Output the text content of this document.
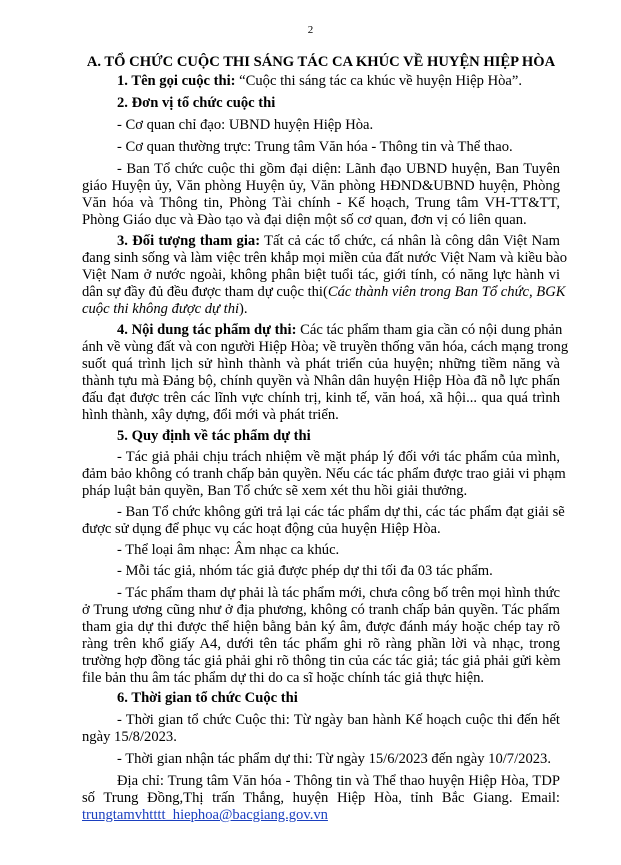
2
A. TỔ CHỨC CUỘC THI SÁNG TÁC CA KHÚC VỀ HUYỆN HIỆP HÒA
1. Tên gọi cuộc thi: “Cuộc thi sáng tác ca khúc về huyện Hiệp Hòa”.
2. Đơn vị tổ chức cuộc thi
- Cơ quan chỉ đạo: UBND huyện Hiệp Hòa.
- Cơ quan thường trực: Trung tâm Văn hóa - Thông tin và Thể thao.
- Ban Tổ chức cuộc thi gồm đại diện: Lãnh đạo UBND huyện, Ban Tuyên
giáo Huyện ủy, Văn phòng Huyện ủy, Văn phòng HĐND&UBND huyện, Phòng
Văn hóa và Thông tin, Phòng Tài chính - Kế hoạch, Trung tâm VH-TT&TT,
Phòng Giáo dục và Đào tạo và đại diện một số cơ quan, đơn vị có liên quan.
3. Đối tượng tham gia: Tất cả các tổ chức, cá nhân là công dân Việt Nam
đang sinh sống và làm việc trên khắp mọi miền của đất nước Việt Nam và kiều bào
Việt Nam ở nước ngoài, không phân biệt tuổi tác, giới tính, có năng lực hành vi
dân sự đầy đủ đều được tham dự cuộc thi(Các thành viên trong Ban Tổ chức, BGK
cuộc thi không được dự thi).
4. Nội dung tác phẩm dự thi: Các tác phẩm tham gia cần có nội dung phản
ánh về vùng đất và con người Hiệp Hòa; về truyền thống văn hóa, cách mạng trong
suốt quá trình lịch sử hình thành và phát triển của huyện; những tiềm năng và
thành tựu mà Đảng bộ, chính quyền và Nhân dân huyện Hiệp Hòa đã nỗ lực phấn
đấu đạt được trên các lĩnh vực chính trị, kinh tế, văn hoá, xã hội... qua quá trình
hình thành, xây dựng, đổi mới và phát triển.
5. Quy định về tác phẩm dự thi
- Tác giả phải chịu trách nhiệm về mặt pháp lý đối với tác phẩm của mình,
đảm bảo không có tranh chấp bản quyền. Nếu các tác phẩm được trao giải vi phạm
pháp luật bản quyền, Ban Tổ chức sẽ xem xét thu hồi giải thưởng.
- Ban Tổ chức không gửi trả lại các tác phẩm dự thi, các tác phẩm đạt giải sẽ
được sử dụng để phục vụ các hoạt động của huyện Hiệp Hòa.
- Thể loại âm nhạc: Âm nhạc ca khúc.
- Mỗi tác giả, nhóm tác giả được phép dự thi tối đa 03 tác phẩm.
- Tác phẩm tham dự phải là tác phẩm mới, chưa công bố trên mọi hình thức
ở Trung ương cũng như ở địa phương, không có tranh chấp bản quyền. Tác phẩm
tham gia dự thi được thể hiện bằng bản ký âm, được đánh máy hoặc chép tay rõ
ràng trên khổ giấy A4, dưới tên tác phẩm ghi rõ ràng phần lời và nhạc, trong
trường hợp đồng tác giả phải ghi rõ thông tin của các tác giả; tác giả phải gửi kèm
file bản thu âm tác phẩm dự thi do ca sĩ hoặc chính tác giả thực hiện.
6. Thời gian tổ chức Cuộc thi
- Thời gian tổ chức Cuộc thi: Từ ngày ban hành Kế hoạch cuộc thi đến hết
ngày 15/8/2023.
- Thời gian nhận tác phẩm dự thi: Từ ngày 15/6/2023 đến ngày 10/7/2023.
Địa chỉ: Trung tâm Văn hóa - Thông tin và Thể thao huyện Hiệp Hòa, TDP
số Trung Đồng,Thị trấn Thắng, huyện Hiệp Hòa, tỉnh Bắc Giang. Email:
trungtamvhtttt_hiephoa@bacgiang.gov.vn
